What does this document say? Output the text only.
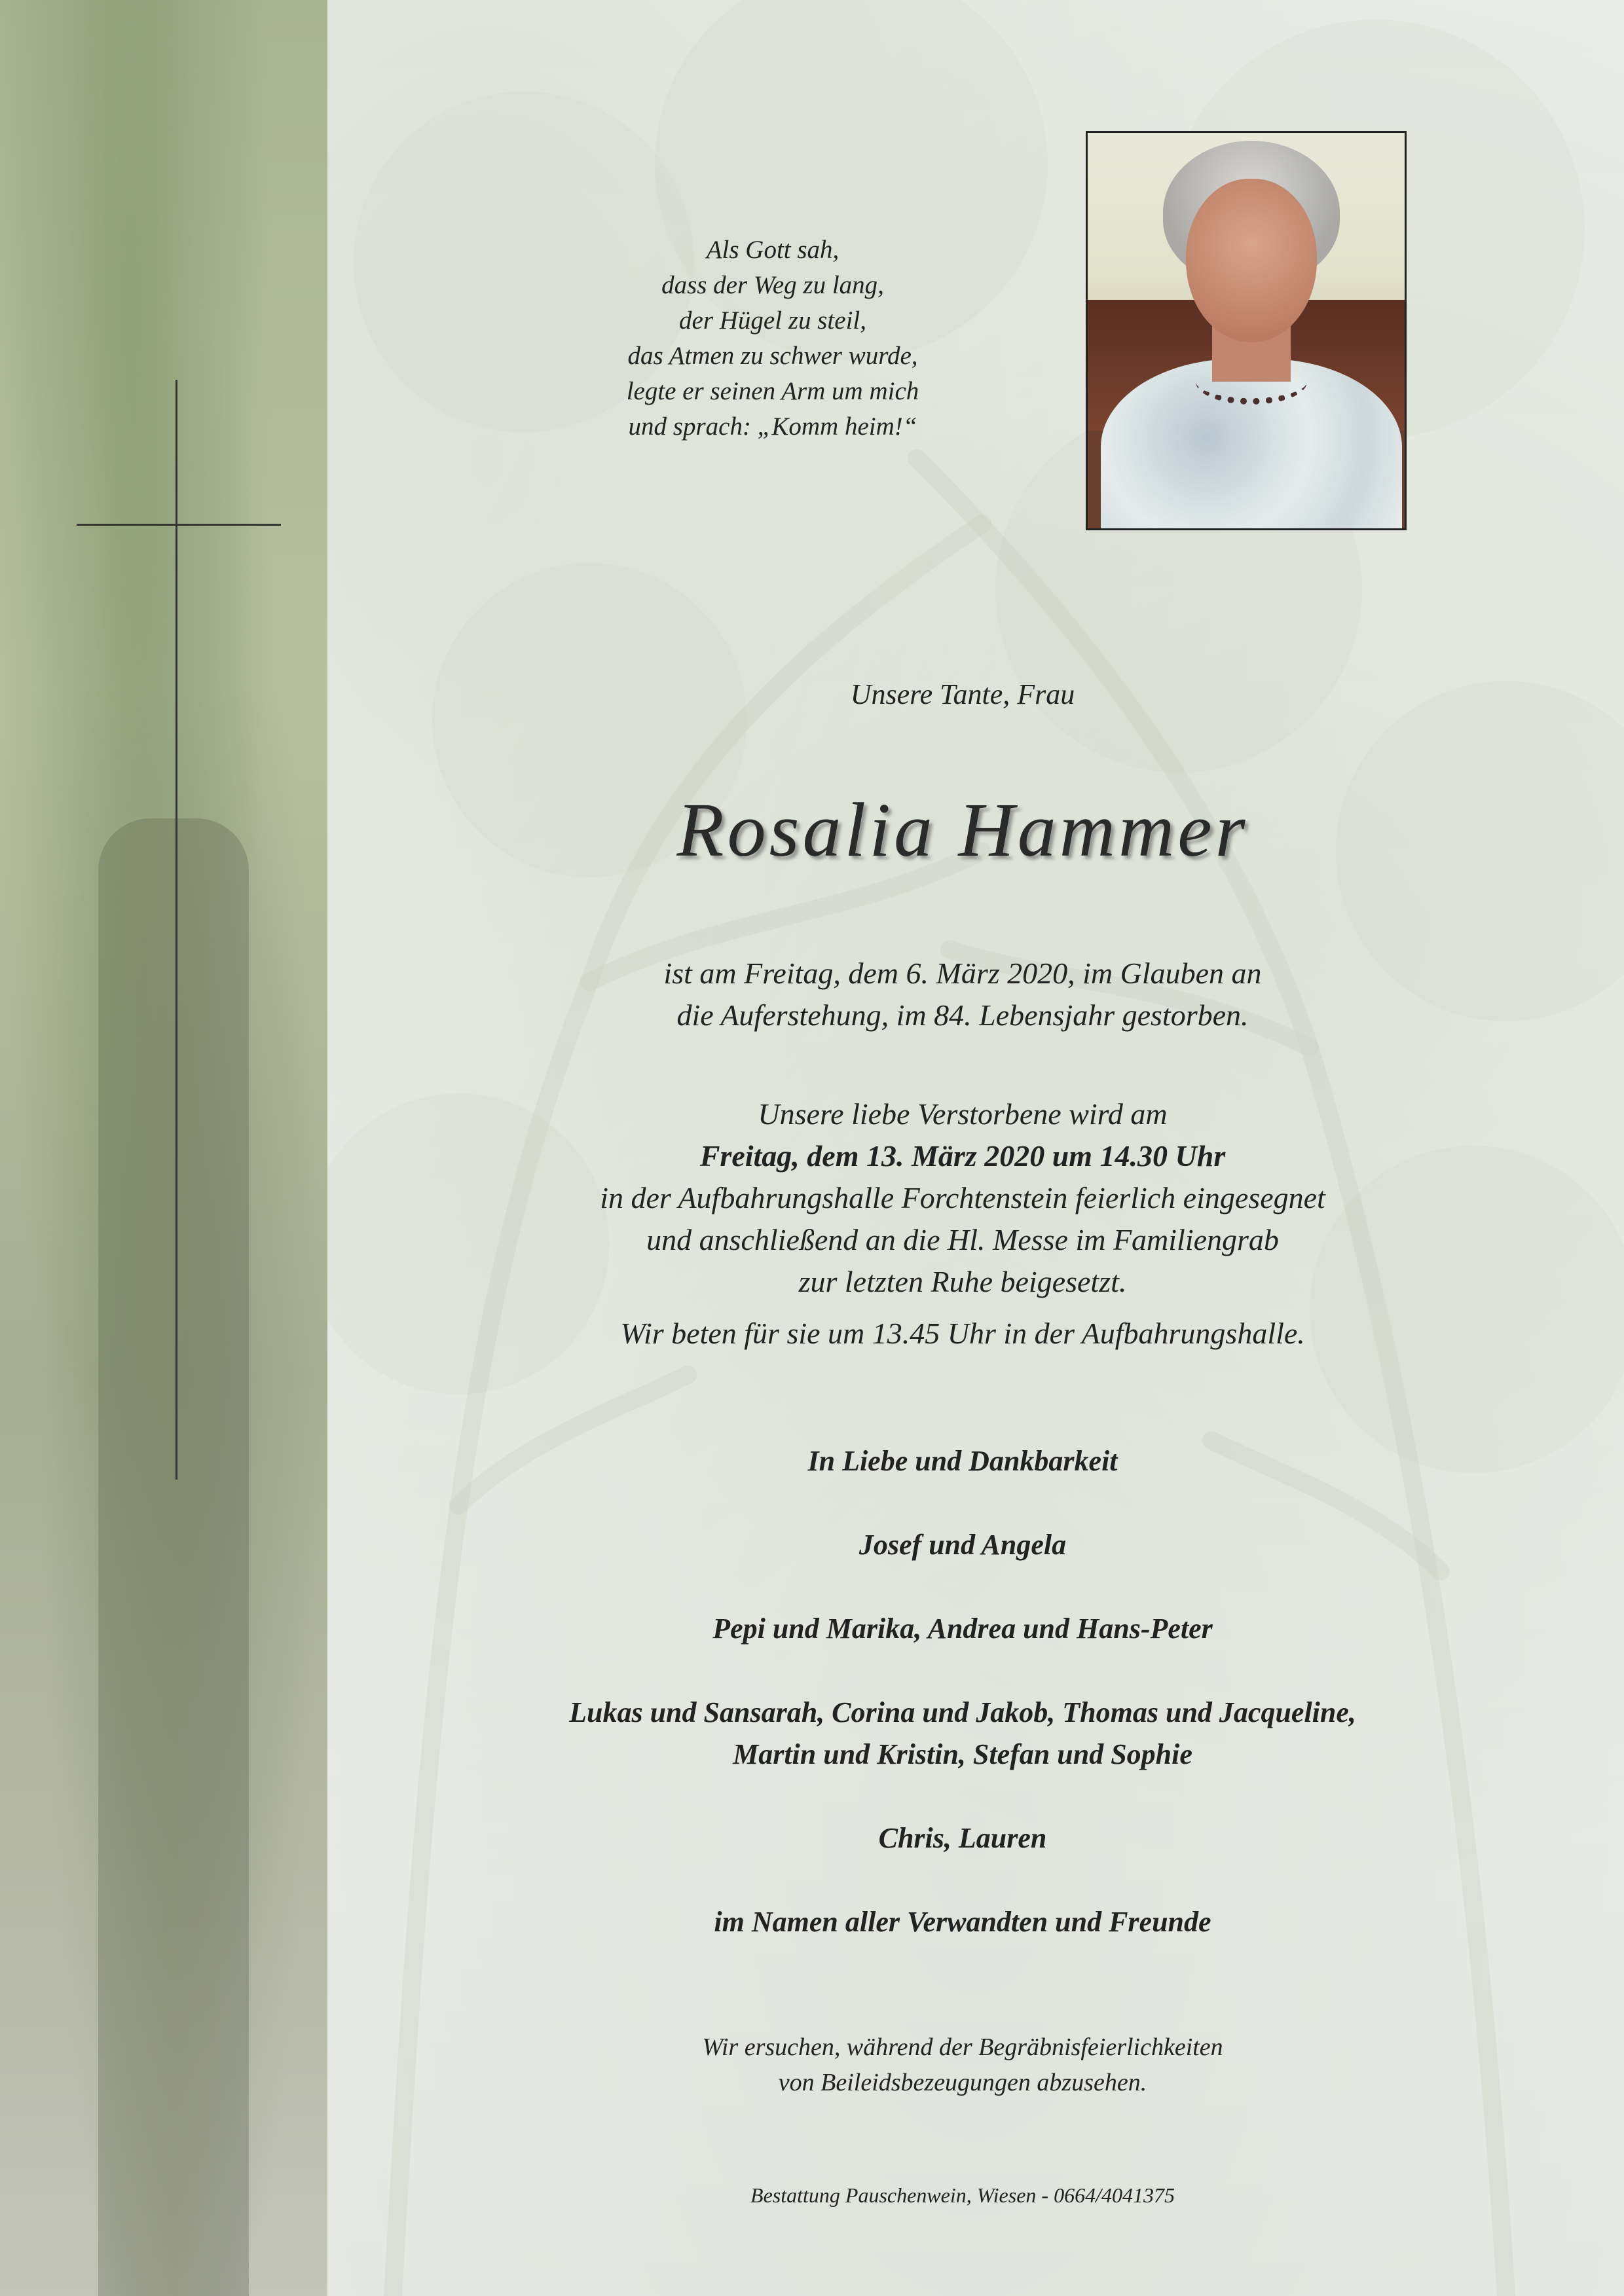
Als Gott sah,
dass der Weg zu lang,
der Hügel zu steil,
das Atmen zu schwer wurde,
legte er seinen Arm um mich
und sprach: „Komm heim!“
Unsere Tante, Frau
Rosalia Hammer
ist am Freitag, dem 6. März 2020, im Glauben an
die Auferstehung, im 84. Lebensjahr gestorben.
Unsere liebe Verstorbene wird am
Freitag, dem 13. März 2020 um 14.30 Uhr
in der Aufbahrungshalle Forchtenstein feierlich eingesegnet
und anschließend an die Hl. Messe im Familiengrab
zur letzten Ruhe beigesetzt.
Wir beten für sie um 13.45 Uhr in der Aufbahrungshalle.
In Liebe und Dankbarkeit
Josef und Angela
Pepi und Marika, Andrea und Hans-Peter
Lukas und Sansarah, Corina und Jakob, Thomas und Jacqueline,
Martin und Kristin, Stefan und Sophie
Chris, Lauren
im Namen aller Verwandten und Freunde
Wir ersuchen, während der Begräbnisfeierlichkeiten
von Beileidsbezeugungen abzusehen.
Bestattung Pauschenwein, Wiesen - 0664/4041375
